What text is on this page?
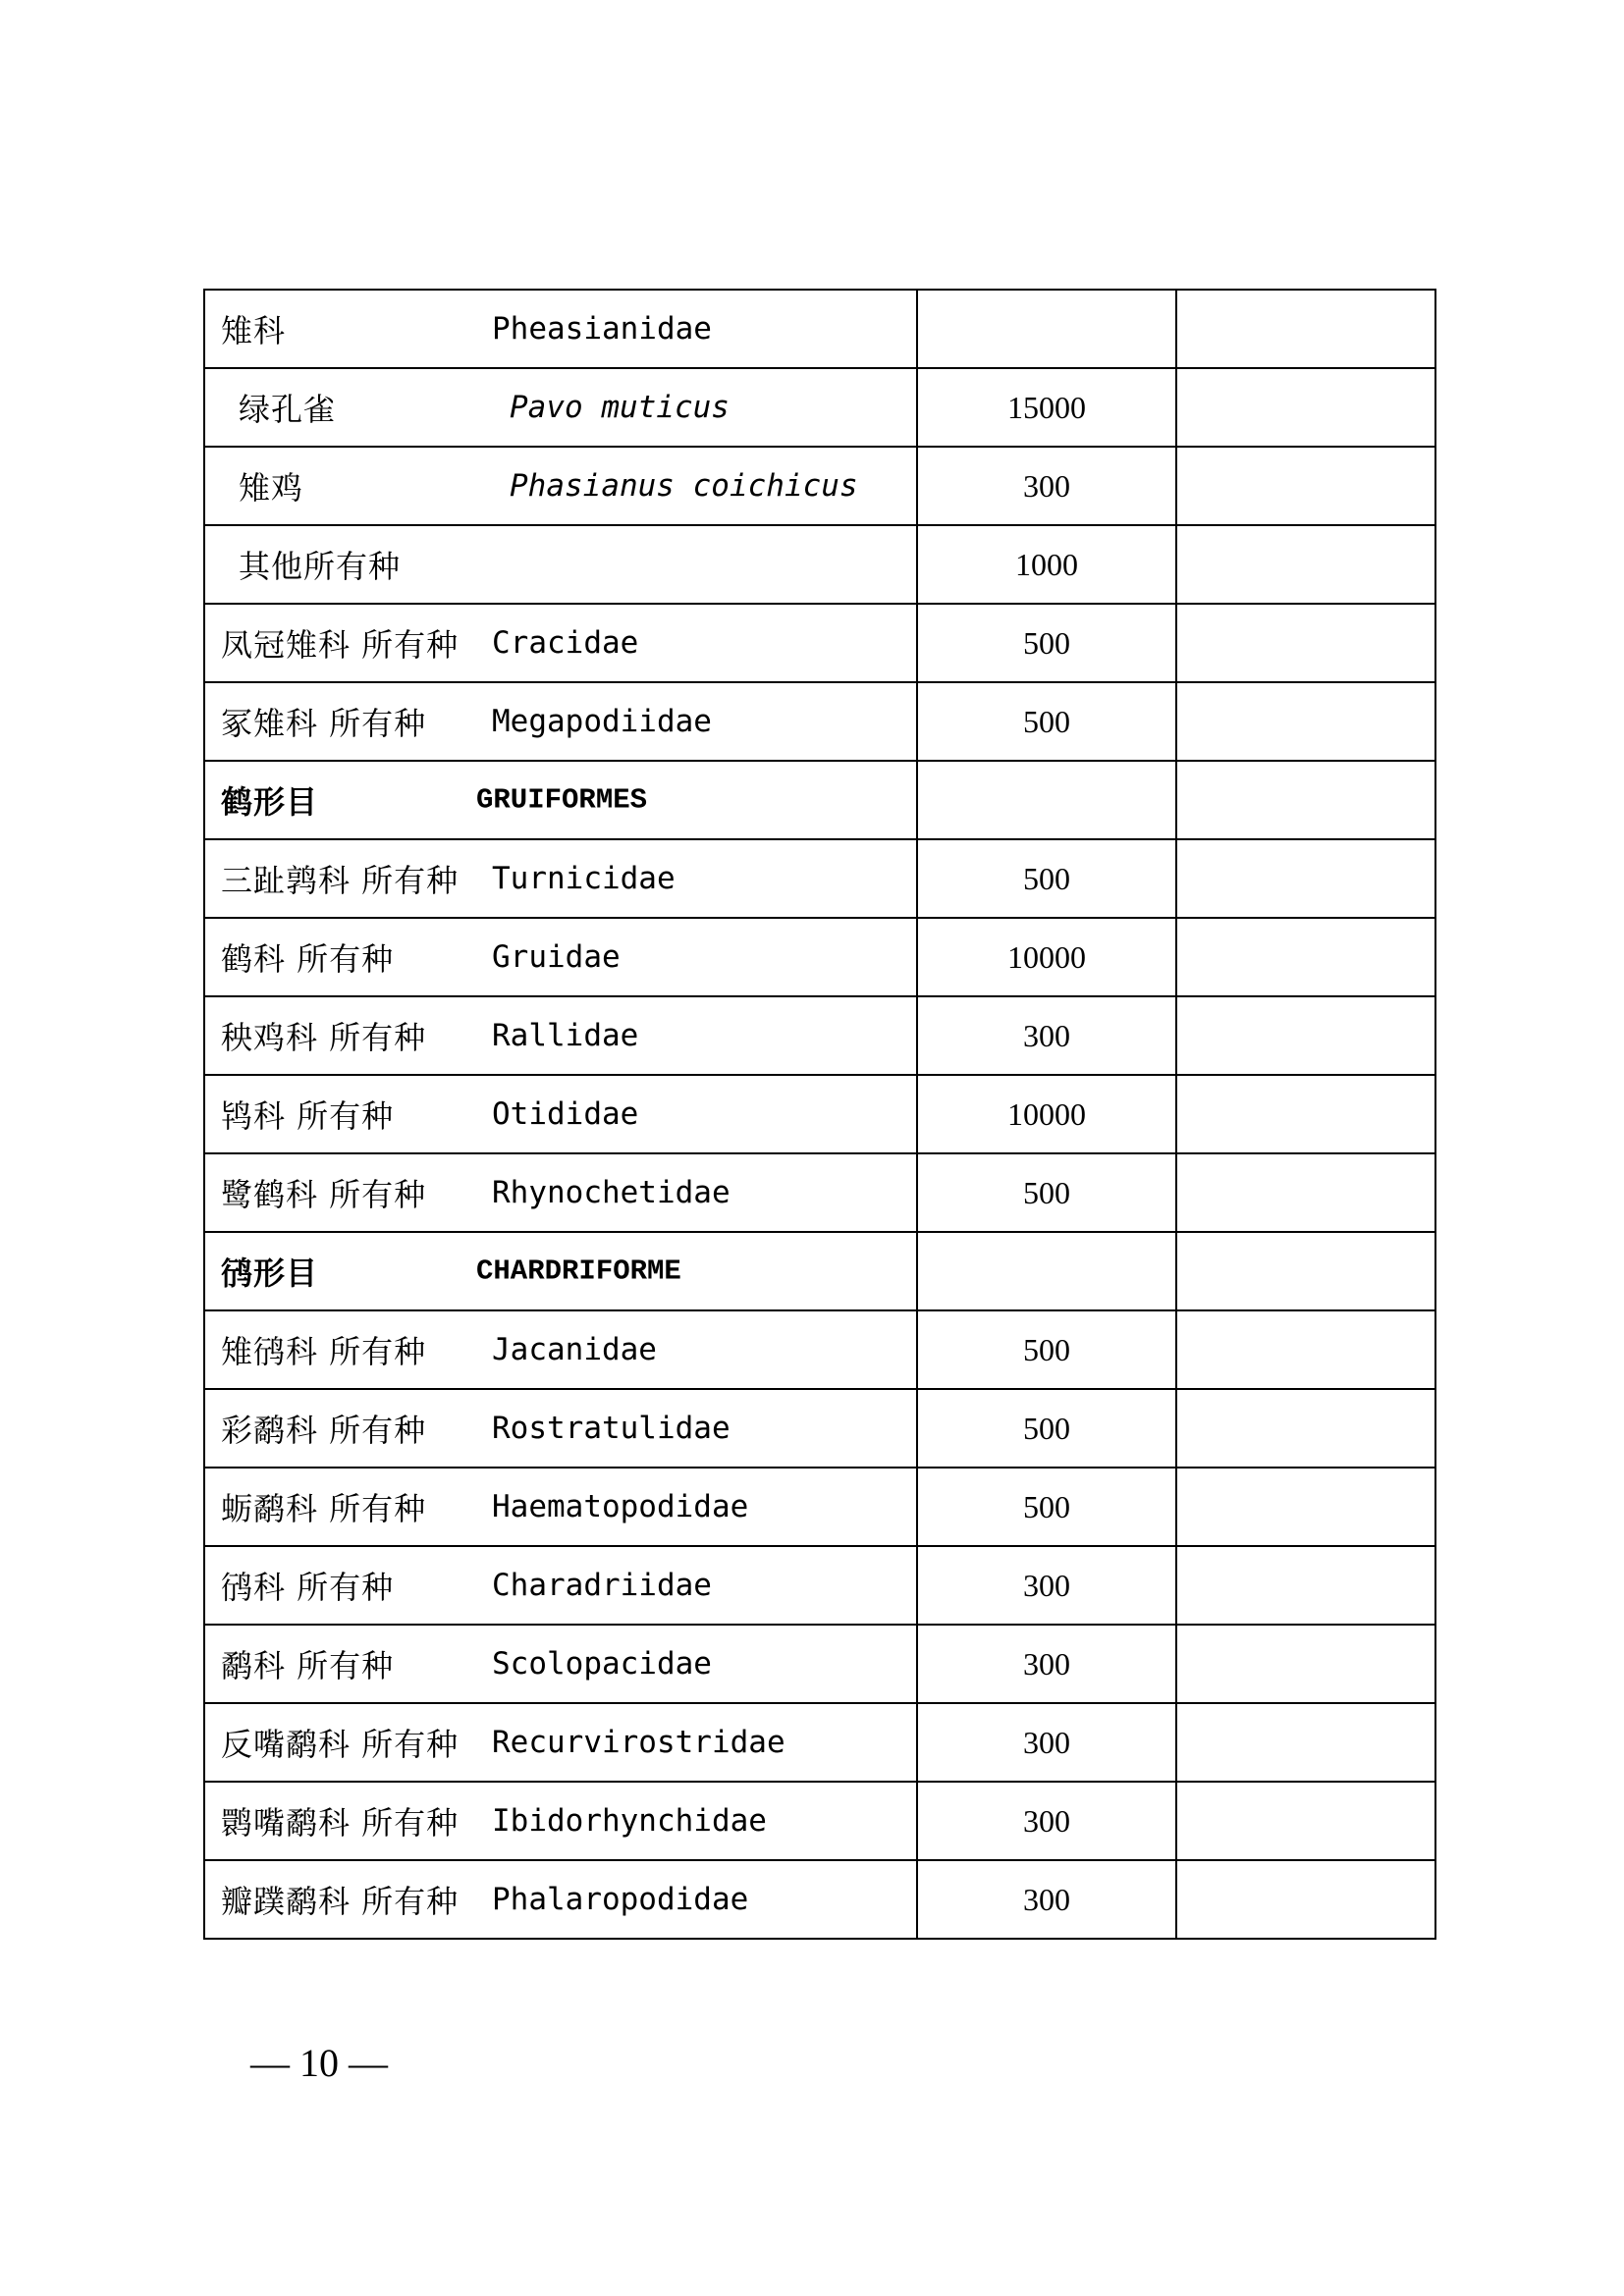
雉科 Pheasianidae		

绿孔雀 Pavo muticus	15000	

雉鸡 Phasianus coichicus	300	

其他所有种	1000	

凤冠雉科 所有种 Cracidae	500	

冢雉科 所有种 Megapodiidae	500	

鹤形目 GRUIFORMES		

三趾鹑科 所有种 Turnicidae	500	

鹤科 所有种 Gruidae	10000	

秧鸡科 所有种 Rallidae	300	

鸨科 所有种 Otididae	10000	

鹭鹤科 所有种 Rhynochetidae	500	

鸻形目 CHARDRIFORME		

雉鸻科 所有种 Jacanidae	500	

彩鹬科 所有种 Rostratulidae	500	

蛎鹬科 所有种 Haematopodidae	500	

鸻科 所有种 Charadriidae	300	

鹬科 所有种 Scolopacidae	300	

反嘴鹬科 所有种 Recurvirostridae	300	

鹮嘴鹬科 所有种 Ibidorhynchidae	300	

瓣蹼鹬科 所有种 Phalaropodidae	300	
— 10 —
